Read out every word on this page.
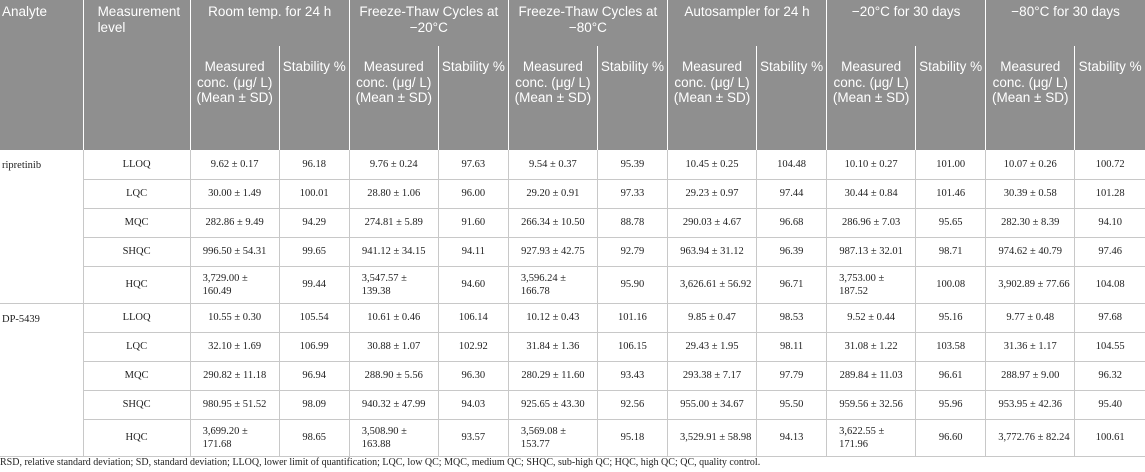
Analyte	Measurement level	Room temp. for 24 h		Freeze-Thaw Cycles at −20°C		Freeze-Thaw Cycles at −80°C		Autosampler for 24 h		−20°C for 30 days		−80°C for 30 days	
		Measured conc. (μg/ L) (Mean ± SD)	Stability %	Measured conc. (μg/ L) (Mean ± SD)	Stability %	Measured conc. (μg/ L) (Mean ± SD)	Stability %	Measured conc. (μg/ L) (Mean ± SD)	Stability %	Measured conc. (μg/ L) (Mean ± SD)	Stability %	Measured conc. (μg/ L) (Mean ± SD)	Stability %
ripretinib	LLOQ	9.62 ± 0.17	96.18	9.76 ± 0.24	97.63	9.54 ± 0.37	95.39	10.45 ± 0.25	104.48	10.10 ± 0.27	101.00	10.07 ± 0.26	100.72
	LQC	30.00 ± 1.49	100.01	28.80 ± 1.06	96.00	29.20 ± 0.91	97.33	29.23 ± 0.97	97.44	30.44 ± 0.84	101.46	30.39 ± 0.58	101.28
	MQC	282.86 ± 9.49	94.29	274.81 ± 5.89	91.60	266.34 ± 10.50	88.78	290.03 ± 4.67	96.68	286.96 ± 7.03	95.65	282.30 ± 8.39	94.10
	SHQC	996.50 ± 54.31	99.65	941.12 ± 34.15	94.11	927.93 ± 42.75	92.79	963.94 ± 31.12	96.39	987.13 ± 32.01	98.71	974.62 ± 40.79	97.46
	HQC	3,729.00 ± 160.49	99.44	3,547.57 ± 139.38	94.60	3,596.24 ± 166.78	95.90	3,626.61 ± 56.92	96.71	3,753.00 ± 187.52	100.08	3,902.89 ± 77.66	104.08
DP-5439	LLOQ	10.55 ± 0.30	105.54	10.61 ± 0.46	106.14	10.12 ± 0.43	101.16	9.85 ± 0.47	98.53	9.52 ± 0.44	95.16	9.77 ± 0.48	97.68
	LQC	32.10 ± 1.69	106.99	30.88 ± 1.07	102.92	31.84 ± 1.36	106.15	29.43 ± 1.95	98.11	31.08 ± 1.22	103.58	31.36 ± 1.17	104.55
	MQC	290.82 ± 11.18	96.94	288.90 ± 5.56	96.30	280.29 ± 11.60	93.43	293.38 ± 7.17	97.79	289.84 ± 11.03	96.61	288.97 ± 9.00	96.32
	SHQC	980.95 ± 51.52	98.09	940.32 ± 47.99	94.03	925.65 ± 43.30	92.56	955.00 ± 34.67	95.50	959.56 ± 32.56	95.96	953.95 ± 42.36	95.40
	HQC	3,699.20 ± 171.68	98.65	3,508.90 ± 163.88	93.57	3,569.08 ± 153.77	95.18	3,529.91 ± 58.98	94.13	3,622.55 ± 171.96	96.60	3,772.76 ± 82.24	100.61
RSD, relative standard deviation; SD, standard deviation; LLOQ, lower limit of quantification; LQC, low QC; MQC, medium QC; SHQC, sub-high QC; HQC, high QC; QC, quality control.
